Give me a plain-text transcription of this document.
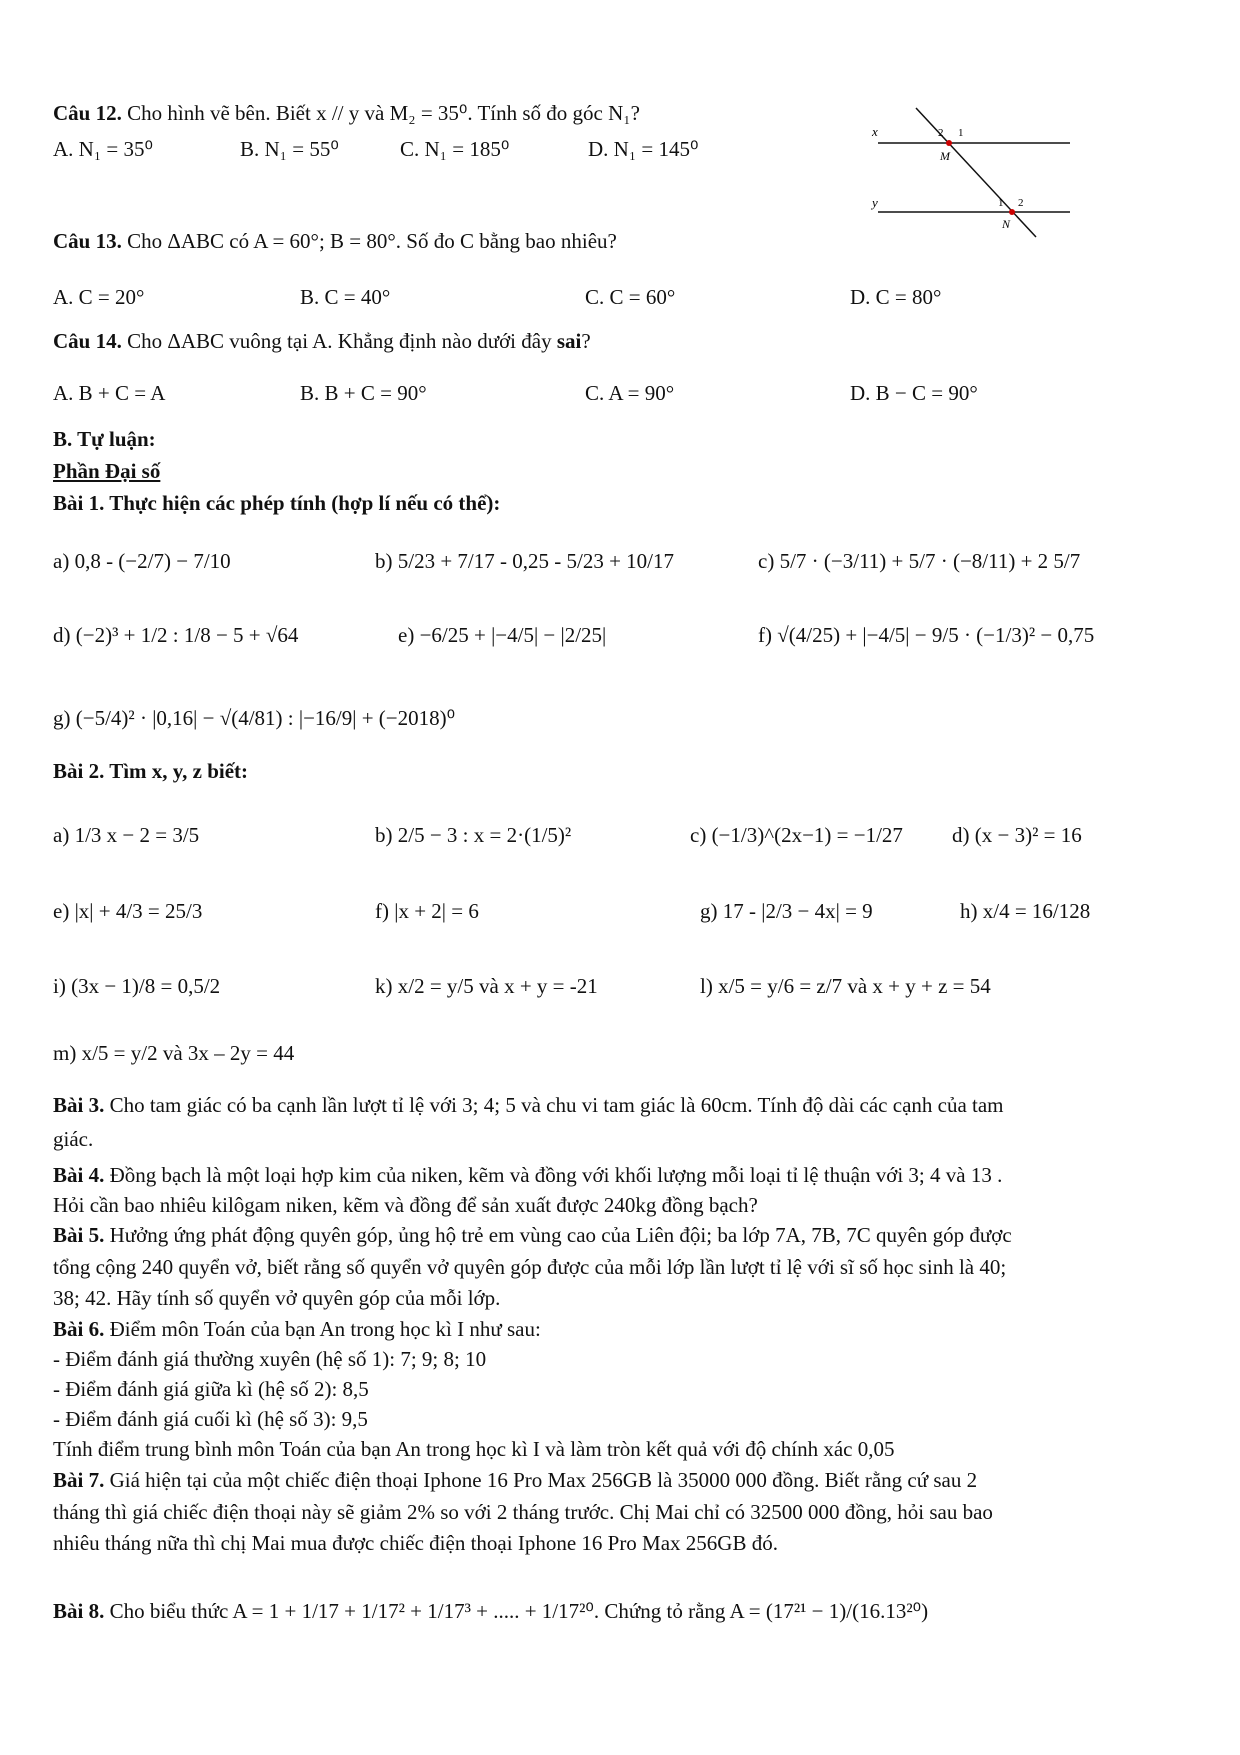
Câu 12. Cho hình vẽ bên. Biết x // y và M₂ = 35⁰. Tính số đo góc N₁?
A. N₁ = 35⁰	B. N₁ = 55⁰	C. N₁ = 185⁰	D. N₁ = 145⁰
x
y
2 1
M
1 2
N
Câu 13. Cho ΔABC có A = 60°; B = 80°. Số đo C bằng bao nhiêu?
A. C = 20°	B. C = 40°	C. C = 60°	D. C = 80°
Câu 14. Cho ΔABC vuông tại A. Khẳng định nào dưới đây sai?
A. B + C = A	B. B + C = 90°	C. A = 90°	D. B − C = 90°
B. Tự luận:
Phần Đại số
Bài 1. Thực hiện các phép tính (hợp lí nếu có thể):
a) 0,8 - (−2/7) − 7/10	b) 5/23 + 7/17 - 0,25 - 5/23 + 10/17	c) 5/7 · (−3/11) + 5/7 · (−8/11) + 2 5/7
d) (−2)³ + 1/2 : 1/8 − 5 + √64	e) −6/25 + |−4/5| − |2/25|	f) √(4/25) + |−4/5| − 9/5 · (−1/3)² − 0,75
g) (−5/4)² · |0,16| − √(4/81) : |−16/9| + (−2018)⁰
Bài 2. Tìm x, y, z biết:
a) 1/3 x − 2 = 3/5	b) 2/5 − 3 : x = 2·(1/5)²	c) (−1/3)^(2x−1) = −1/27 d) (x − 3)² = 16
e) |x| + 4/3 = 25/3	f) |x + 2| = 6	g) 17 - |2/3 − 4x| = 9	h) x/4 = 16/128
i) (3x − 1)/8 = 0,5/2	k) x/2 = y/5 và x + y = -21	l) x/5 = y/6 = z/7 và x + y + z = 54
m) x/5 = y/2 và 3x – 2y = 44
Bài 3. Cho tam giác có ba cạnh lần lượt tỉ lệ với 3; 4; 5 và chu vi tam giác là 60cm. Tính độ dài các cạnh của tam
giác.
Bài 4. Đồng bạch là một loại hợp kim của niken, kẽm và đồng với khối lượng mỗi loại tỉ lệ thuận với 3; 4 và 13 .
Hỏi cần bao nhiêu kilôgam niken, kẽm và đồng để sản xuất được 240kg đồng bạch?
Bài 5. Hưởng ứng phát động quyên góp, ủng hộ trẻ em vùng cao của Liên đội; ba lớp 7A, 7B, 7C quyên góp được
tổng cộng 240 quyển vở, biết rằng số quyển vở quyên góp được của mỗi lớp lần lượt tỉ lệ với sĩ số học sinh là 40;
38; 42. Hãy tính số quyển vở quyên góp của mỗi lớp.
Bài 6. Điểm môn Toán của bạn An trong học kì I như sau:
- Điểm đánh giá thường xuyên (hệ số 1): 7; 9; 8; 10
- Điểm đánh giá giữa kì (hệ số 2): 8,5
- Điểm đánh giá cuối kì (hệ số 3): 9,5
Tính điểm trung bình môn Toán của bạn An trong học kì I và làm tròn kết quả với độ chính xác 0,05
Bài 7. Giá hiện tại của một chiếc điện thoại Iphone 16 Pro Max 256GB là 35000 000 đồng. Biết rằng cứ sau 2
tháng thì giá chiếc điện thoại này sẽ giảm 2% so với 2 tháng trước. Chị Mai chỉ có 32500 000 đồng, hỏi sau bao
nhiêu tháng nữa thì chị Mai mua được chiếc điện thoại Iphone 16 Pro Max 256GB đó.
Bài 8. Cho biểu thức A = 1 + 1/17 + 1/17² + 1/17³ + ..... + 1/17²⁰. Chứng tỏ rằng A = (17²¹ − 1)/(16.13²⁰)
